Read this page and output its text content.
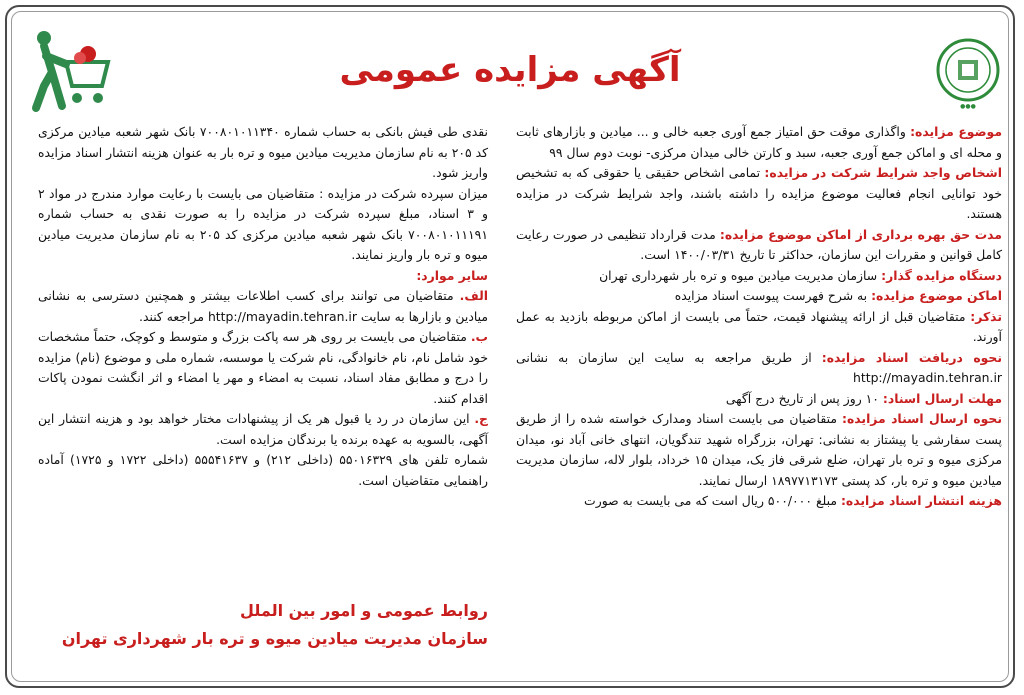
●●●
آگهی مزایده عمومی
موضوع مزایده: واگذاری موقت حق امتیاز جمع آوری جعبه خالی و ... میادین و بازارهای ثابت و محله ای و اماکن جمع آوری جعبه، سبد و کارتن خالی میدان مرکزی- نوبت دوم سال ۹۹
اشخاص واجد شرایط شرکت در مزایده: تمامی اشخاص حقیقی یا حقوقی که به تشخیص خود توانایی انجام فعالیت موضوع مزایده را داشته باشند، واجد شرایط شرکت در مزایده هستند.
مدت حق بهره برداری از اماکن موضوع مزایده: مدت قرارداد تنظیمی در صورت رعایت کامل قوانین و مقررات این سازمان، حداکثر تا تاریخ ۱۴۰۰/۰۳/۳۱ است.
دستگاه مزایده گذار: سازمان مدیریت میادین میوه و تره بار شهرداری تهران
اماکن موضوع مزایده: به شرح فهرست پیوست اسناد مزایده
تذکر: متقاضیان قبل از ارائه پیشنهاد قیمت، حتماً می بایست از اماکن مربوطه بازدید به عمل آورند.
نحوه دریافت اسناد مزایده: از طریق مراجعه به سایت این سازمان به نشانی http://mayadin.tehran.ir
مهلت ارسال اسناد: ۱۰ روز پس از تاریخ درج آگهی
نحوه ارسال اسناد مزایده: متقاضیان می بایست اسناد ومدارک خواسته شده را از طریق پست سفارشی یا پیشتاز به نشانی: تهران، بزرگراه شهید تندگویان، انتهای خانی آباد نو، میدان مرکزی میوه و تره بار تهران، ضلع شرقی فاز یک، میدان ۱۵ خرداد، بلوار لاله، سازمان مدیریت میادین میوه و تره بار، کد پستی ۱۸۹۷۷۱۳۱۷۳ ارسال نمایند.
هزینه انتشار اسناد مزایده: مبلغ ۵۰۰/۰۰۰ ریال است که می بایست به صورت
نقدی طی فیش بانکی به حساب شماره ۷۰۰۸۰۱۰۱۱۳۴۰ بانک شهر شعبه میادین مرکزی کد ۲۰۵ به نام سازمان مدیریت میادین میوه و تره بار به عنوان هزینه انتشار اسناد مزایده واریز شود.
میزان سپرده شرکت در مزایده : متقاضیان می بایست با رعایت موارد مندرج در مواد ۲ و ۳ اسناد، مبلغ سپرده شرکت در مزایده را به صورت نقدی به حساب شماره ۷۰۰۸۰۱۰۱۱۱۹۱ بانک شهر شعبه میادین مرکزی کد ۲۰۵ به نام سازمان مدیریت میادین میوه و تره بار واریز نمایند.
سایر موارد:
الف. متقاضیان می توانند برای کسب اطلاعات بیشتر و همچنین دسترسی به نشانی میادین و بازارها به سایت http://mayadin.tehran.ir مراجعه کنند.
ب. متقاضیان می بایست بر روی هر سه پاکت بزرگ و متوسط و کوچک، حتماً مشخصات خود شامل نام، نام خانوادگی، نام شرکت یا موسسه، شماره ملی و موضوع (نام) مزایده را درج و مطابق مفاد اسناد، نسبت به امضاء و مهر یا امضاء و اثر انگشت نمودن پاکات اقدام کنند.
ج. این سازمان در رد یا قبول هر یک از پیشنهادات مختار خواهد بود و هزینه انتشار این آگهی، بالسویه به عهده برنده یا برندگان مزایده است.
شماره تلفن های ۵۵۰۱۶۳۲۹ (داخلی ۲۱۲) و ۵۵۵۴۱۶۳۷ (داخلی ۱۷۲۲ و ۱۷۲۵) آماده راهنمایی متقاضیان است.
روابط عمومی و امور بین الملل
سازمان مدیریت میادین میوه و تره بار شهرداری تهران
